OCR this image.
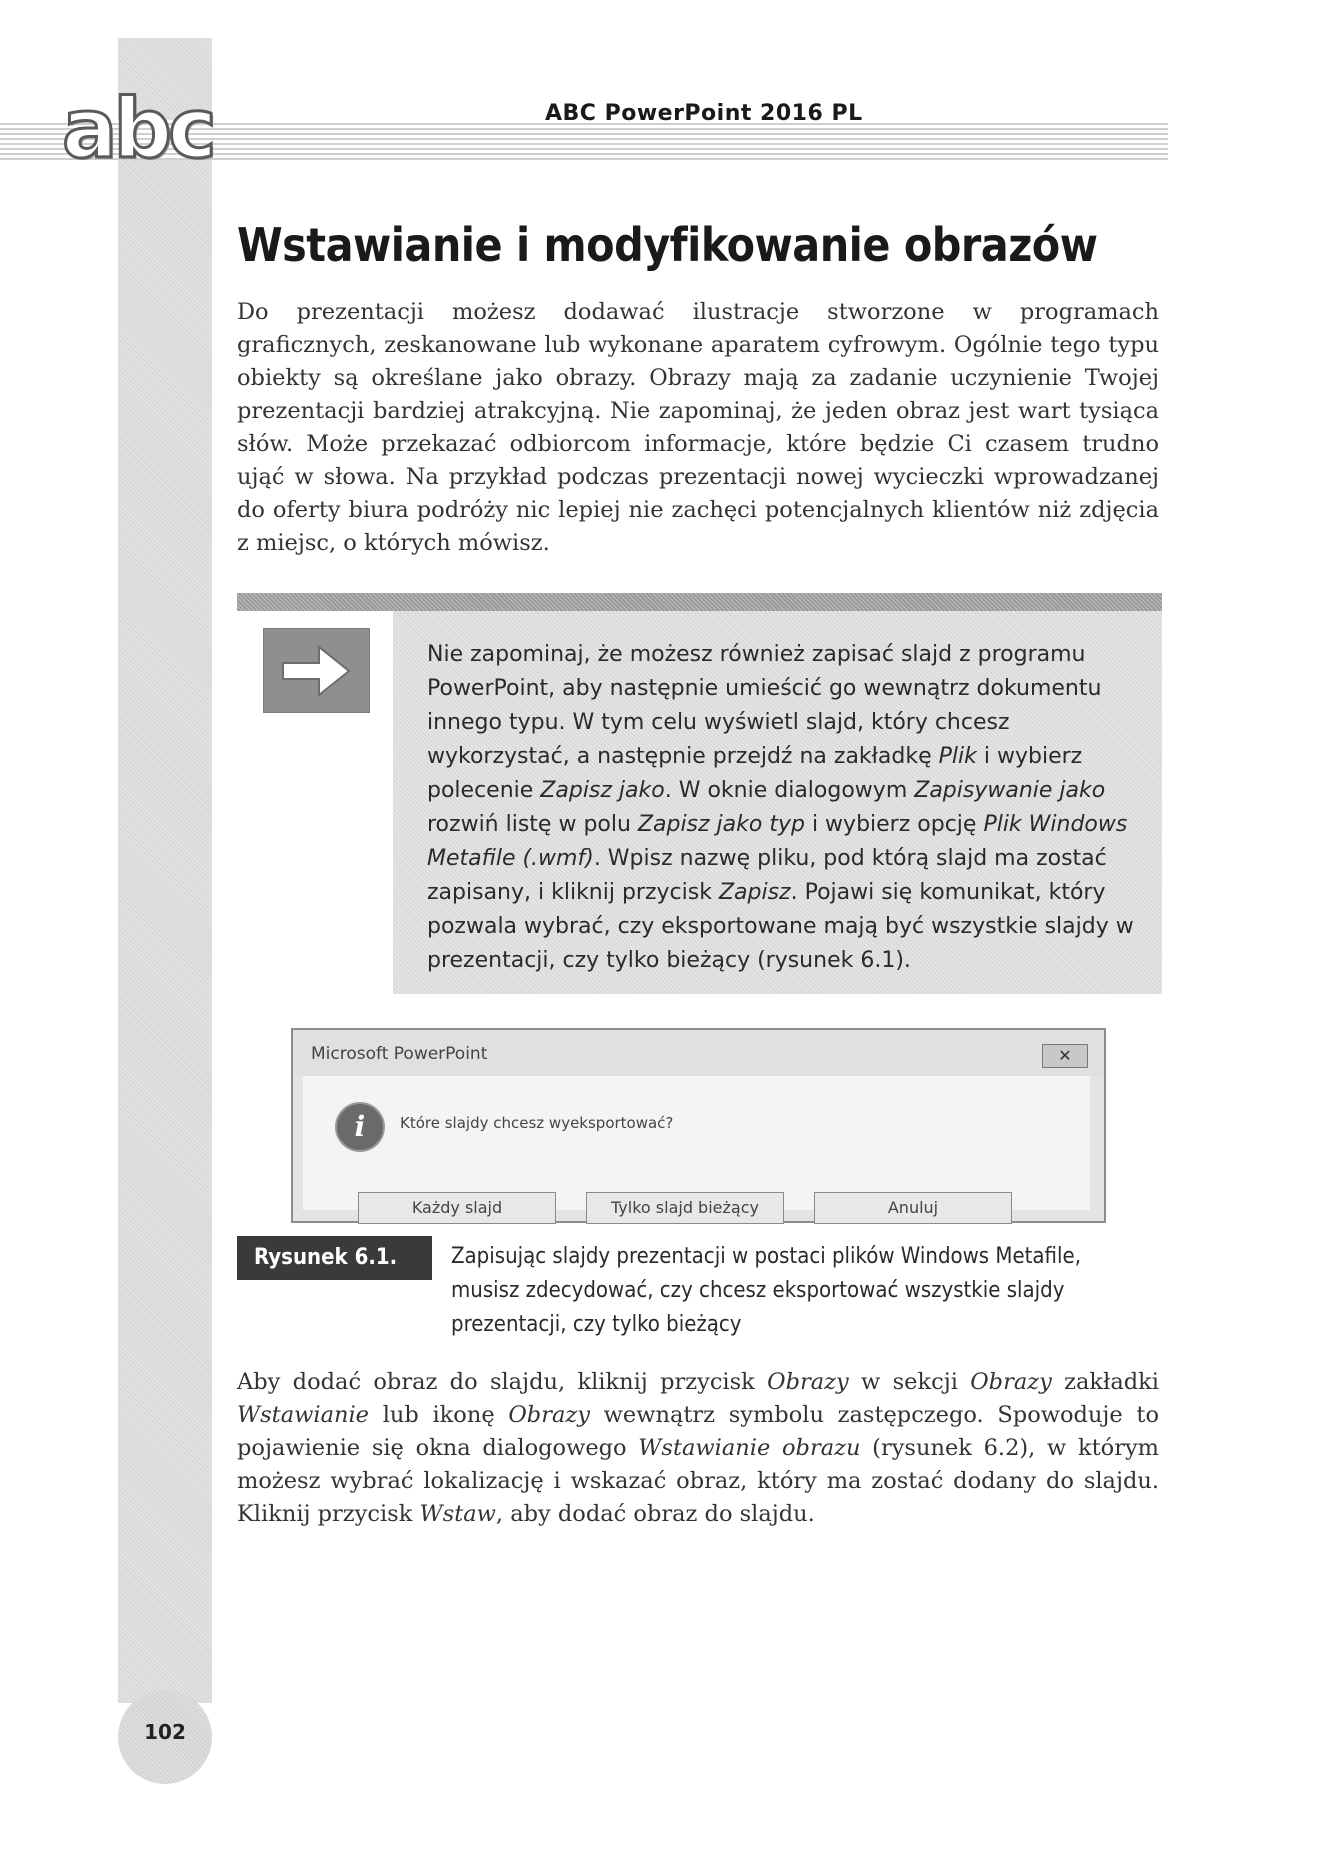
abc	ABC PowerPoint 2016 PL
Wstawianie i modyfikowanie obrazów

Do prezentacji możesz dodawać ilustracje stworzone w programach graficznych, zeskanowane lub wykonane aparatem cyfrowym. Ogólnie tego typu obiekty są określane jako obrazy. Obrazy mają za zadanie uczynienie Twojej prezentacji bardziej atrakcyjną. Nie zapominaj, że jeden obraz jest wart tysiąca słów. Może przekazać odbiorcom informacje, które będzie Ci czasem trudno ująć w słowa. Na przykład podczas prezentacji nowej wycieczki wprowadzanej do oferty biura podróży nic lepiej nie zachęci potencjalnych klientów niż zdjęcia z miejsc, o których mówisz.

Nie zapominaj, że możesz również zapisać slajd z programu PowerPoint, aby następnie umieścić go wewnątrz dokumentu innego typu. W tym celu wyświetl slajd, który chcesz wykorzystać, a następnie przejdź na zakładkę Plik i wybierz polecenie Zapisz jako. W oknie dialogowym Zapisywanie jako rozwiń listę w polu Zapisz jako typ i wybierz opcję Plik Windows Metafile (.wmf). Wpisz nazwę pliku, pod którą slajd ma zostać zapisany, i kliknij przycisk Zapisz. Pojawi się komunikat, który pozwala wybrać, czy eksportowane mają być wszystkie slajdy w prezentacji, czy tylko bieżący (rysunek 6.1).

Microsoft PowerPoint	✕
i	Które slajdy chcesz wyeksportować?
Każdy slajd	Tylko slajd bieżący	Anuluj
Rysunek 6.1.	Zapisując slajdy prezentacji w postaci plików Windows Metafile, musisz zdecydować, czy chcesz eksportować wszystkie slajdy prezentacji, czy tylko bieżący

Aby dodać obraz do slajdu, kliknij przycisk Obrazy w sekcji Obrazy zakładki Wstawianie lub ikonę Obrazy wewnątrz symbolu zastępczego. Spowoduje to pojawienie się okna dialogowego Wstawianie obrazu (rysunek 6.2), w którym możesz wybrać lokalizację i wskazać obraz, który ma zostać dodany do slajdu. Kliknij przycisk Wstaw, aby dodać obraz do slajdu.

102
